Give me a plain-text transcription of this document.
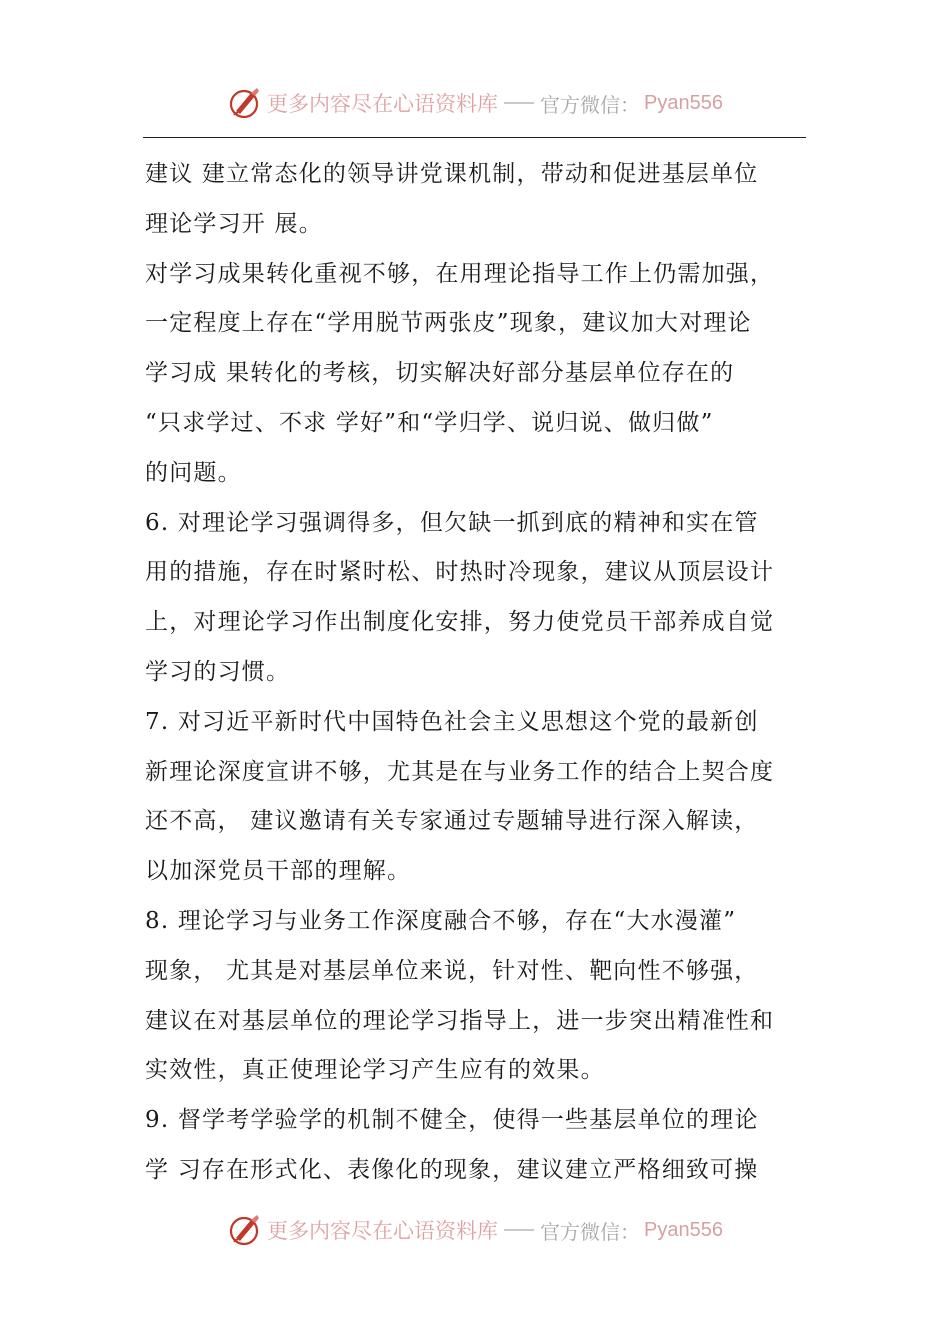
更多内容尽在心语资料库 官方微信： Pyan556
建议 建立常态化的领导讲党课机制，带动和促进基层单位
理论学习开 展。
对学习成果转化重视不够，在用理论指导工作上仍需加强，
一定程度上存在“学用脱节两张皮”现象，建议加大对理论
学习成 果转化的考核，切实解决好部分基层单位存在的
“只求学过、不求 学好”和“学归学、说归说、做归做”
的问题。
6. 对理论学习强调得多，但欠缺一抓到底的精神和实在管
用的措施，存在时紧时松、时热时冷现象，建议从顶层设计
上，对理论学习作出制度化安排，努力使党员干部养成自觉
学习的习惯。
7. 对习近平新时代中国特色社会主义思想这个党的最新创
新理论深度宣讲不够，尤其是在与业务工作的结合上契合度
还不高， 建议邀请有关专家通过专题辅导进行深入解读，
以加深党员干部的理解。
8. 理论学习与业务工作深度融合不够，存在“大水漫灌”
现象， 尤其是对基层单位来说，针对性、靶向性不够强，
建议在对基层单位的理论学习指导上，进一步突出精准性和
实效性，真正使理论学习产生应有的效果。
9. 督学考学验学的机制不健全，使得一些基层单位的理论
学 习存在形式化、表像化的现象，建议建立严格细致可操
更多内容尽在心语资料库 官方微信： Pyan556
